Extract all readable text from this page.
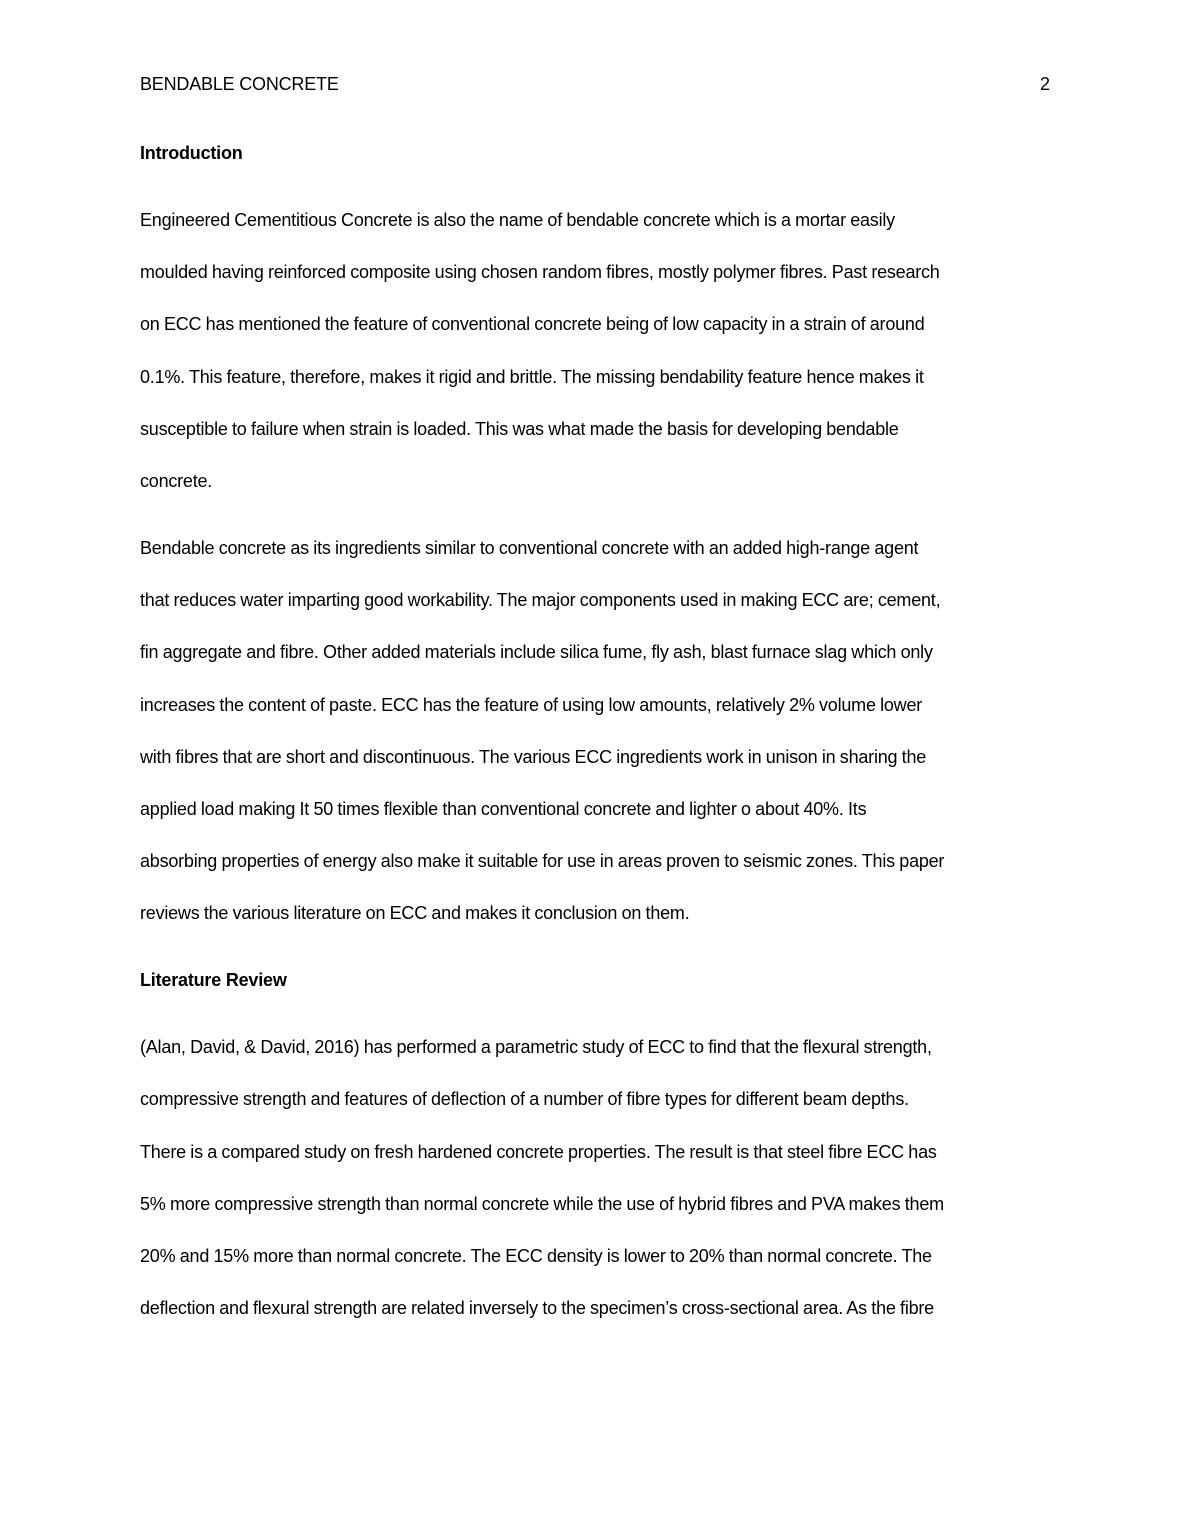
BENDABLE CONCRETE	2
Introduction

Engineered Cementitious Concrete is also the name of bendable concrete which is a mortar easily
moulded having reinforced composite using chosen random fibres, mostly polymer fibres. Past research
on ECC has mentioned the feature of conventional concrete being of low capacity in a strain of around
0.1%. This feature, therefore, makes it rigid and brittle. The missing bendability feature hence makes it
susceptible to failure when strain is loaded. This was what made the basis for developing bendable
concrete.

Bendable concrete as its ingredients similar to conventional concrete with an added high-range agent
that reduces water imparting good workability. The major components used in making ECC are; cement,
fin aggregate and fibre. Other added materials include silica fume, fly ash, blast furnace slag which only
increases the content of paste. ECC has the feature of using low amounts, relatively 2% volume lower
with fibres that are short and discontinuous. The various ECC ingredients work in unison in sharing the
applied load making It 50 times flexible than conventional concrete and lighter o about 40%. Its
absorbing properties of energy also make it suitable for use in areas proven to seismic zones. This paper
reviews the various literature on ECC and makes it conclusion on them.

Literature Review

(Alan, David, & David, 2016) has performed a parametric study of ECC to find that the flexural strength,
compressive strength and features of deflection of a number of fibre types for different beam depths.
There is a compared study on fresh hardened concrete properties. The result is that steel fibre ECC has
5% more compressive strength than normal concrete while the use of hybrid fibres and PVA makes them
20% and 15% more than normal concrete. The ECC density is lower to 20% than normal concrete. The
deflection and flexural strength are related inversely to the specimen’s cross-sectional area. As the fibre
